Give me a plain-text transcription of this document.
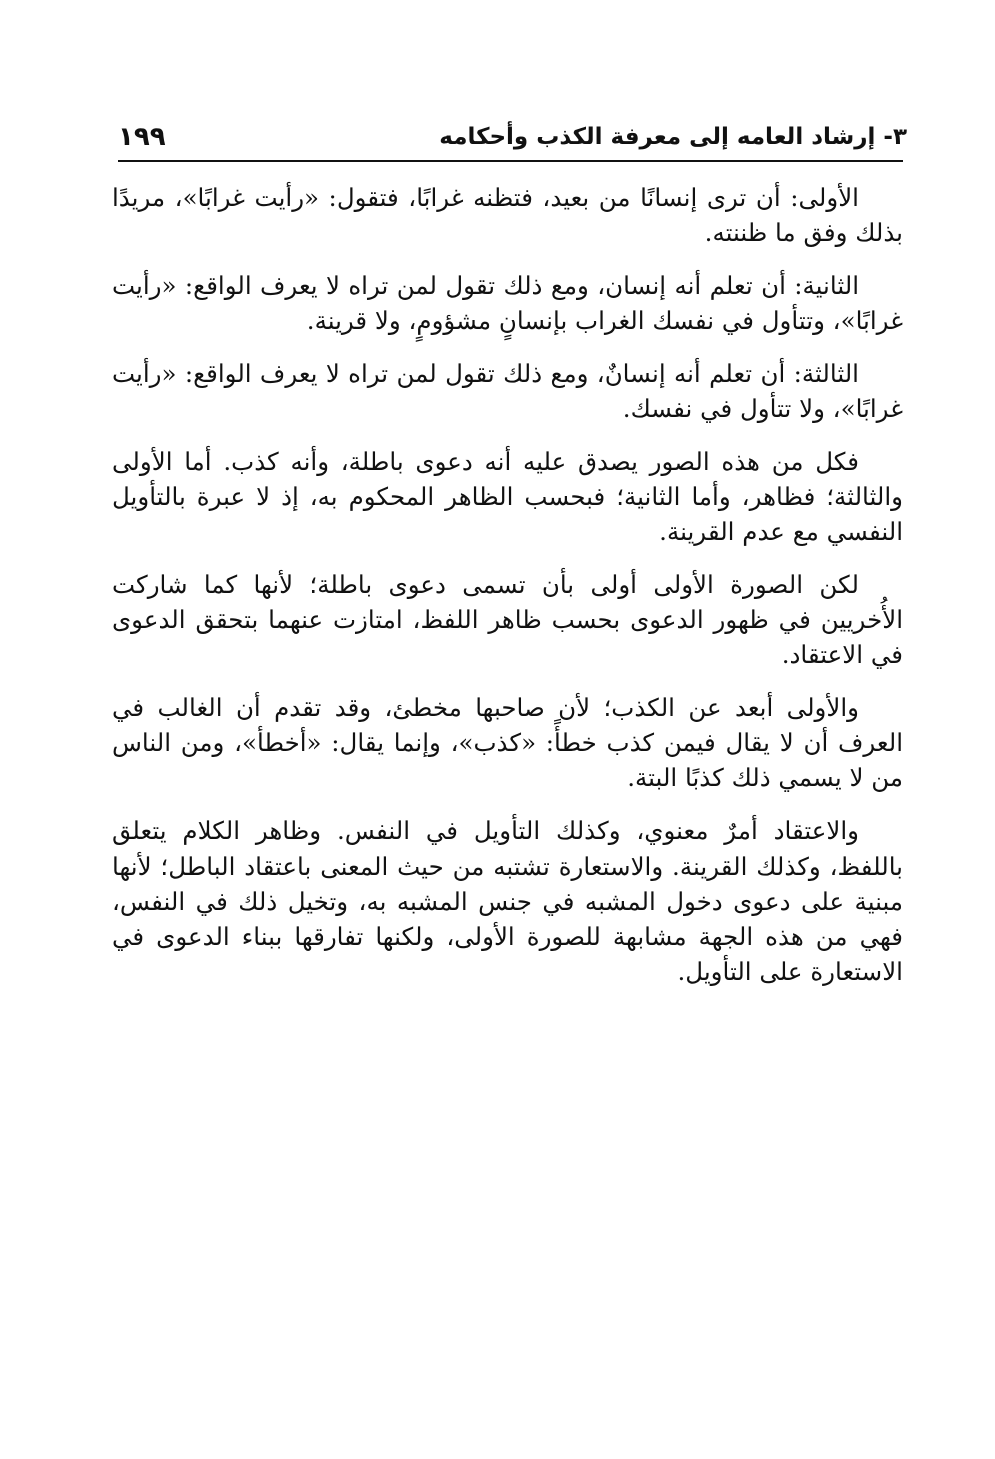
٣- إرشاد العامه إلى معرفة الكذب وأحكامه
١٩٩

الأولى: أن ترى إنسانًا من بعيد، فتظنه غرابًا، فتقول: «رأيت غرابًا»، مريدًا بذلك وفق ما ظننته.

الثانية: أن تعلم أنه إنسان، ومع ذلك تقول لمن تراه لا يعرف الواقع: «رأيت غرابًا»، وتتأول في نفسك الغراب بإنسانٍ مشؤومٍ، ولا قرينة.

الثالثة: أن تعلم أنه إنسانٌ، ومع ذلك تقول لمن تراه لا يعرف الواقع: «رأيت غرابًا»، ولا تتأول في نفسك.

فكل من هذه الصور يصدق عليه أنه دعوى باطلة، وأنه كذب. أما الأولى والثالثة؛ فظاهر، وأما الثانية؛ فبحسب الظاهر المحكوم به، إذ لا عبرة بالتأويل النفسي مع عدم القرينة.

لكن الصورة الأولى أولى بأن تسمى دعوى باطلة؛ لأنها كما شاركت الأُخريين في ظهور الدعوى بحسب ظاهر اللفظ، امتازت عنهما بتحقق الدعوى في الاعتقاد.

والأولى أبعد عن الكذب؛ لأن صاحبها مخطئ، وقد تقدم أن الغالب في العرف أن لا يقال فيمن كذب خطأً: «كذب»، وإنما يقال: «أخطأ»، ومن الناس من لا يسمي ذلك كذبًا البتة.

والاعتقاد أمرٌ معنوي، وكذلك التأويل في النفس. وظاهر الكلام يتعلق باللفظ، وكذلك القرينة. والاستعارة تشتبه من حيث المعنى باعتقاد الباطل؛ لأنها مبنية على دعوى دخول المشبه في جنس المشبه به، وتخيل ذلك في النفس، فهي من هذه الجهة مشابهة للصورة الأولى، ولكنها تفارقها ببناء الدعوى في الاستعارة على التأويل.
